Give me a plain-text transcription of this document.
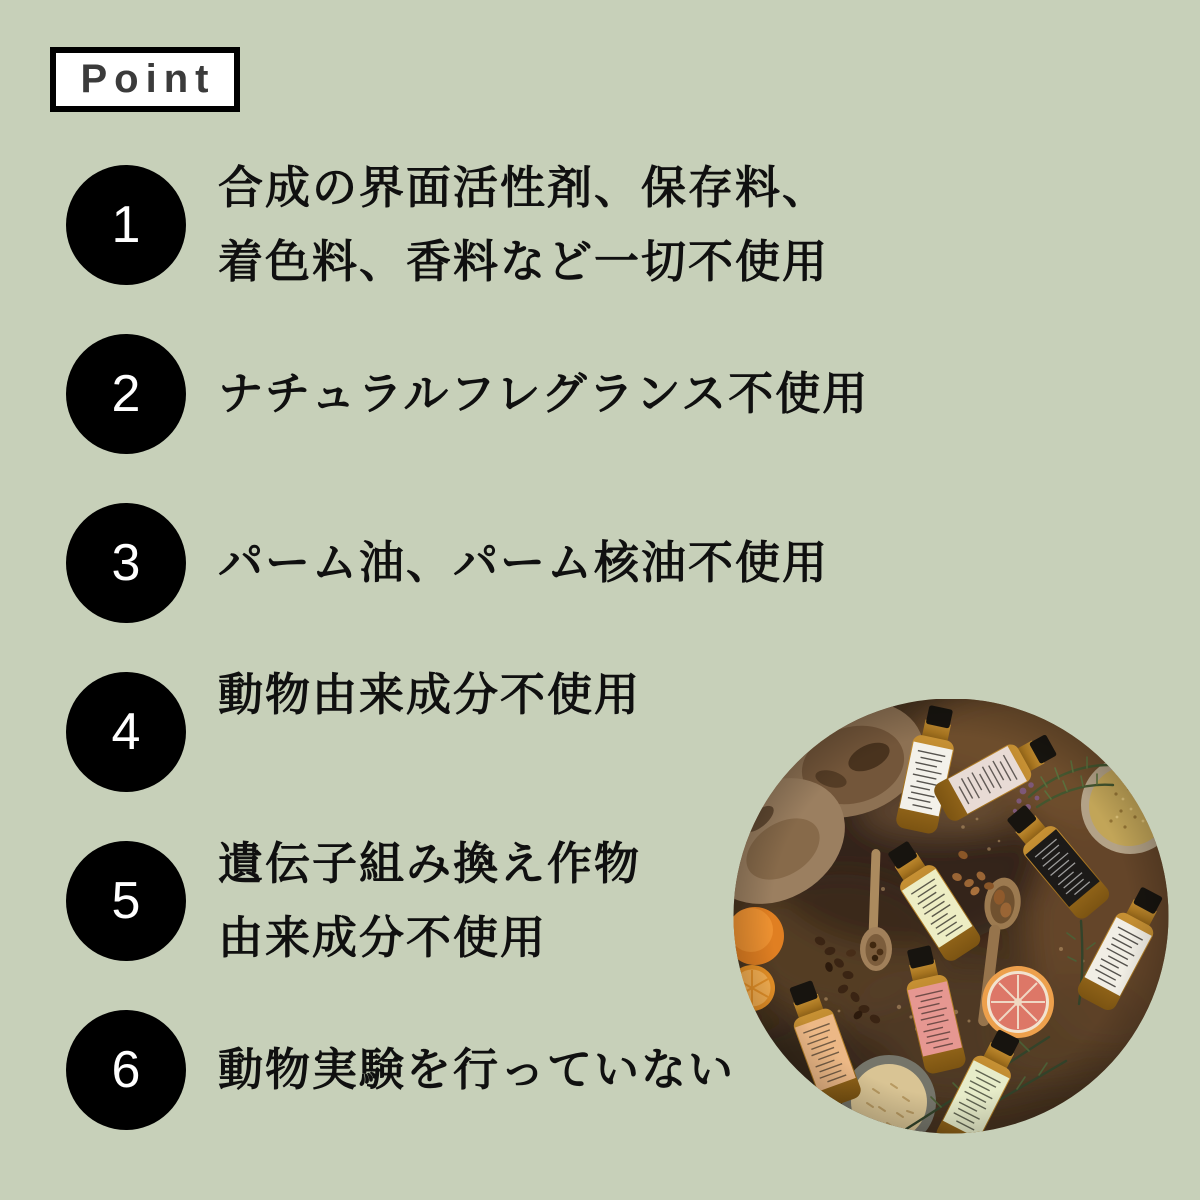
Point
1
合成の界面活性剤、保存料、
着色料、香料など一切不使用
2	ナチュラルフレグランス不使用
3	パーム油、パーム核油不使用
4
動物由来成分不使用
5
遺伝子組み換え作物
由来成分不使用
6	動物実験を行っていない
